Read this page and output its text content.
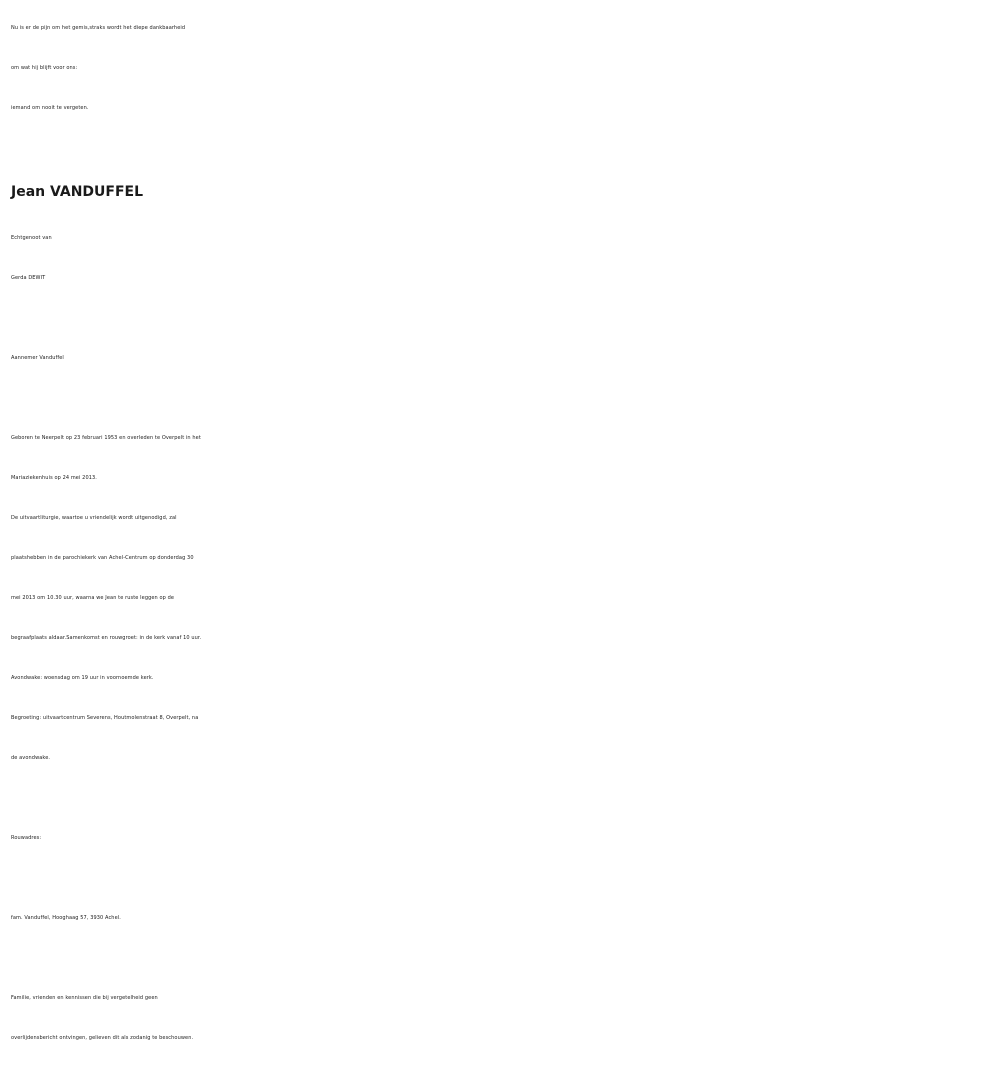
Nu is er de pijn om het gemis,straks wordt het diepe dankbaarheid
om wat hij blijft voor ons:
iemand om nooit te vergeten.
Jean VANDUFFEL
Echtgenoot van
Gerda DEWIT
Aannemer Vanduffel
Geboren te Neerpelt op 23 februari 1953 en overleden te Overpelt in het
Mariaziekenhuis op 24 mei 2013.
De uitvaartliturgie, waartoe u vriendelijk wordt uitgenodigd, zal
plaatshebben in de parochiekerk van Achel-Centrum op donderdag 30
mei 2013 om 10.30 uur, waarna we Jean te ruste leggen op de
begraafplaats aldaar.Samenkomst en rouwgroet: in de kerk vanaf 10 uur.
Avondwake: woensdag om 19 uur in voornoemde kerk.
Begroeting: uitvaartcentrum Severens, Houtmolenstraat 8, Overpelt, na
de avondwake.
Rouwadres:
fam. Vanduffel, Hooghaag 57, 3930 Achel.
Familie, vrienden en kennissen die bij vergetelheid geen
overlijdensbericht ontvingen, gelieven dit als zodanig te beschouwen.
